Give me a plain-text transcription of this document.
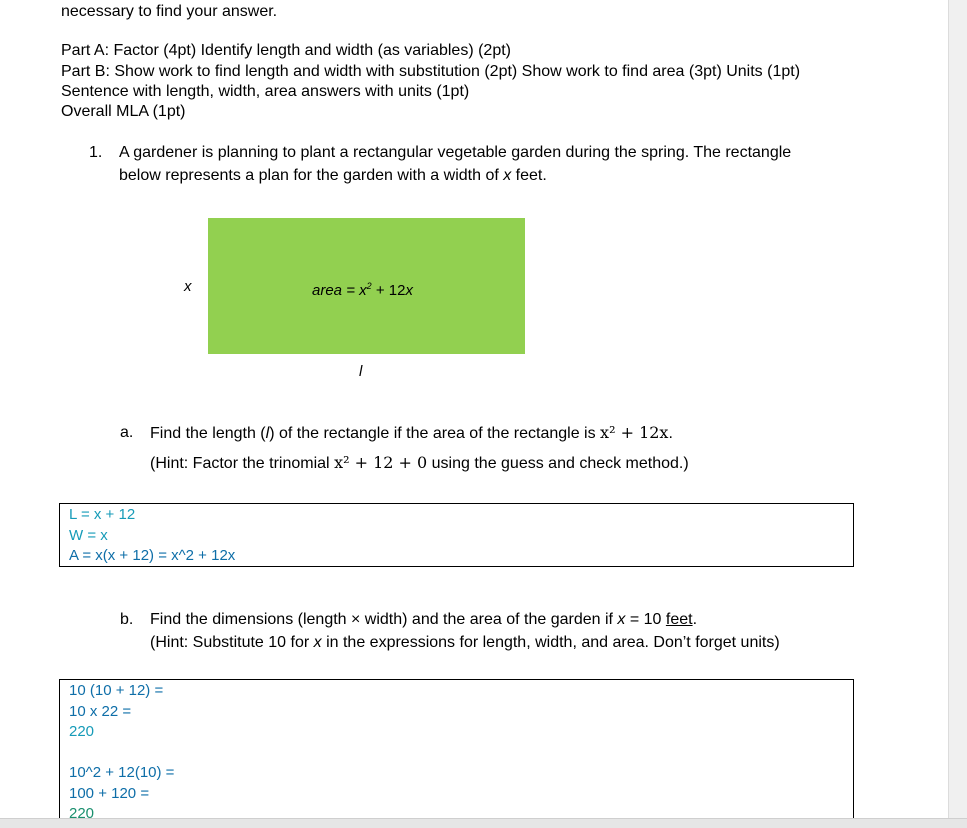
necessary to find your answer.
Part A: Factor (4pt) Identify length and width (as variables) (2pt)
Part B: Show work to find length and width with substitution (2pt) Show work to find area (3pt) Units (1pt)
Sentence with length, width, area answers with units (1pt)
Overall MLA (1pt)
1. A gardener is planning to plant a rectangular vegetable garden during the spring. The rectangle
below represents a plan for the garden with a width of x feet.
x	area = $x^2 + 12x$
l
a. Find the length (l) of the rectangle if the area of the rectangle is x² + 12x.
(Hint: Factor the trinomial x² + 12 + 0 using the guess and check method.)
L = x + 12
W = x
A = x(x + 12) = x^2 + 12x
b. Find the dimensions (length × width) and the area of the garden if x = 10 feet.
(Hint: Substitute 10 for x in the expressions for length, width, and area. Don’t forget units)
10 (10 + 12) =
10 x 22 =
220
10^2 + 12(10) =
100 + 120 =
220
